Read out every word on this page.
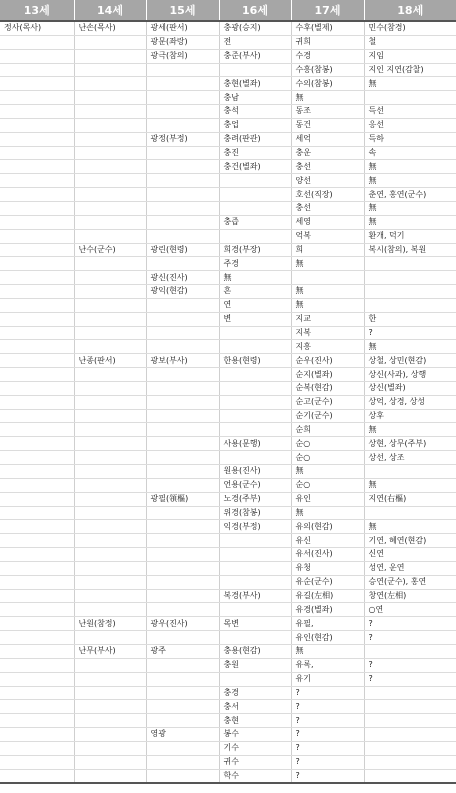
13세	14세	15세	16세	17세	18세
정사(목사)	난손(목사)	광세(판서)	충광(승지)	수후(별제)	민수(참경)
		광문(좌랑)	전	귀희	철
		광극(참의)	충준(부사)	수경	지임
				수흥(참봉)	지인 지연(감찰)
			충현(별좌)	수의(참봉)	無
			충남	無	
			충석	동조	득선
			충업	동건	응선
		광정(부정)	충려(판관)	세억	득하
			충진	충운	속
			충건(별좌)	충선	無
				양선	無
				호선(직장)	춘연, 홍연(군수)
				충선	無
			충즙	세영	無
				억복	환개, 덕기
	난수(군수)	광린(현령)	희경(부장)	희	복시(참의), 복원
			주경	無	
		광신(진사)	無		
		광익(현감)	흔	無	
			연	無	
			변	지교	한
				지복	?
				지흥	無
	난종(판서)	광보(부사)	한용(현령)	순우(진사)	상철, 상민(현감)
				순지(별좌)	상신(사과), 상행
				순복(현감)	상신(별좌)
				순고(군수)	상억, 상경, 상성
				순기(군수)	상후
				순희	無
			사용(문행)	순○	상현, 상무(주부)
				순○	상선, 상조
			원용(진사)	無	
			언용(군수)	순○	無
		광필(領樞)	노경(주부)	유인	지연(右樞)
			위경(참봉)	無	
			익경(부정)	유의(현감)	無
				유신	기연, 혜연(현감)
				유서(진사)	신연
				유청	성연, 운연
				유순(군수)	승연(군수), 홍연
			복경(부사)	유길(左相)	창연(左相)
				유경(별좌)	○연
	난원(참정)	광우(진사)	목변	유필,	?
				유인(현감)	?
	난무(부사)	광주	충용(현감)	無	
			충원	유록,	?
				유기	?
			충경	?	
			충서	?	
			충현	?	
		영광	봉수	?	
			기수	?	
			귀수	?	
			학수	?	
